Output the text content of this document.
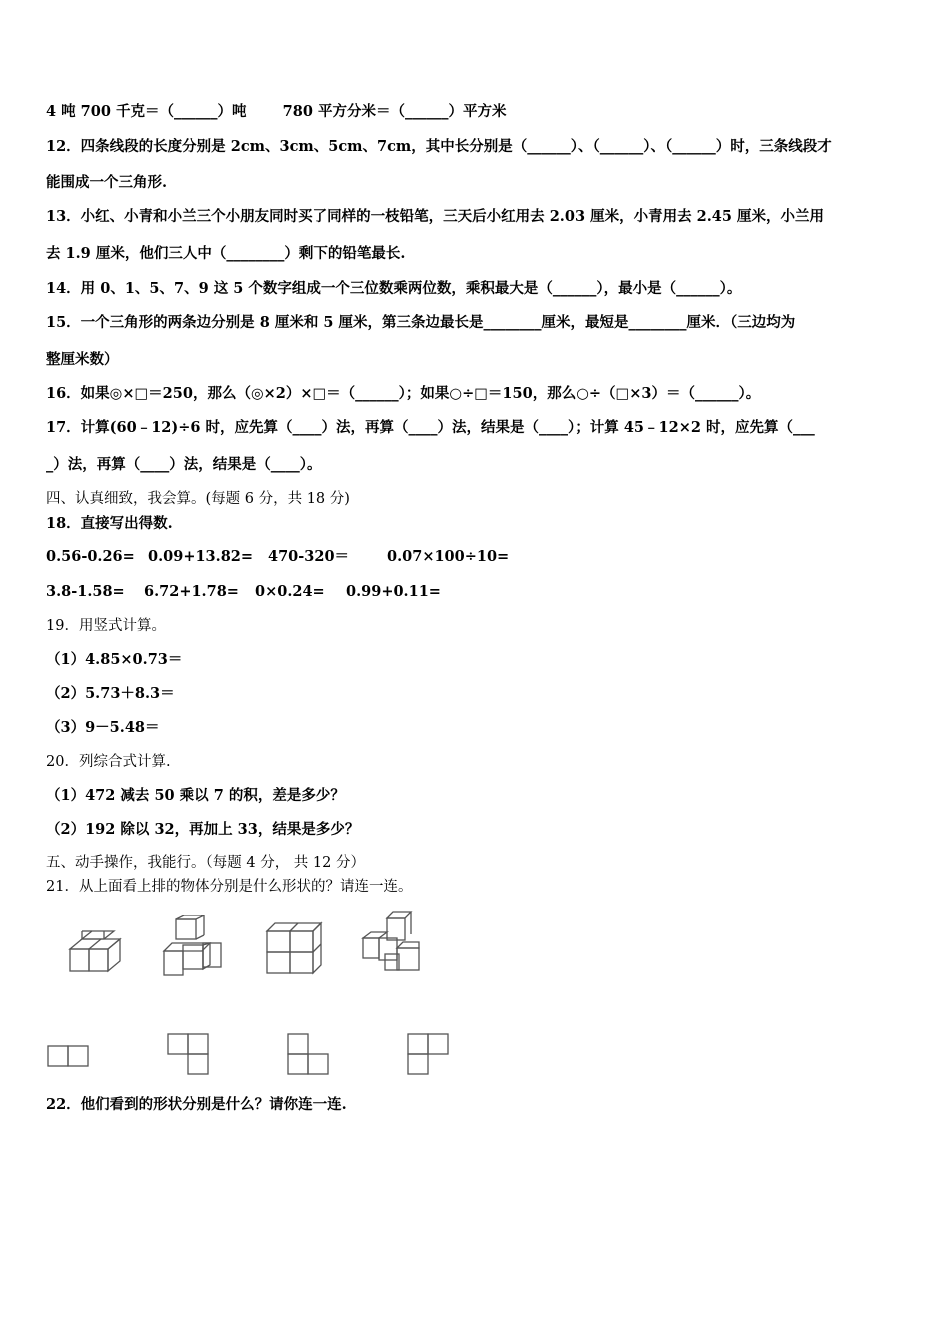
4 吨 700 千克＝（______）吨 780 平方分米＝（______）平方米
12．四条线段的长度分别是 2cm、3cm、5cm、7cm，其中长分别是（______）、（______）、（______）时，三条线段才
能围成一个三角形.
13．小红、小青和小兰三个小朋友同时买了同样的一枝铅笔，三天后小红用去 2.03 厘米，小青用去 2.45 厘米，小兰用
去 1.9 厘米，他们三人中（________）剩下的铅笔最长.
14．用 0、1、5、7、9 这 5 个数字组成一个三位数乘两位数，乘积最大是（______），最小是（______）。
15．一个三角形的两条边分别是 8 厘米和 5 厘米，第三条边最长是________厘米，最短是________厘米．（三边均为
整厘米数）
16．如果◎×□＝250，那么（◎×2）×□＝（______）；如果○÷□＝150，那么○÷（□×3）＝（______）。
17．计算(60﹣12)÷6 时，应先算（____）法，再算（____）法，结果是（____）；计算 45﹣12×2 时，应先算（___
_）法，再算（____）法，结果是（____）。
四、认真细致，我会算。(每题 6 分，共 18 分)
18．直接写出得数.
0.56-0.26= 0.09+13.82= 470-320＝	0.07×100÷10=
3.8-1.58= 6.72+1.78= 0×0.24= 0.99+0.11=
19．用竖式计算。
（1）4.85×0.73＝
（2）5.73＋8.3＝
（3）9－5.48＝
20．列综合式计算.
（1）472 减去 50 乘以 7 的积，差是多少？
（2）192 除以 32，再加上 33，结果是多少？
五、动手操作，我能行。（每题 4 分， 共 12 分）
21．从上面看上排的物体分别是什么形状的？请连一连。
22．他们看到的形状分别是什么？请你连一连.
